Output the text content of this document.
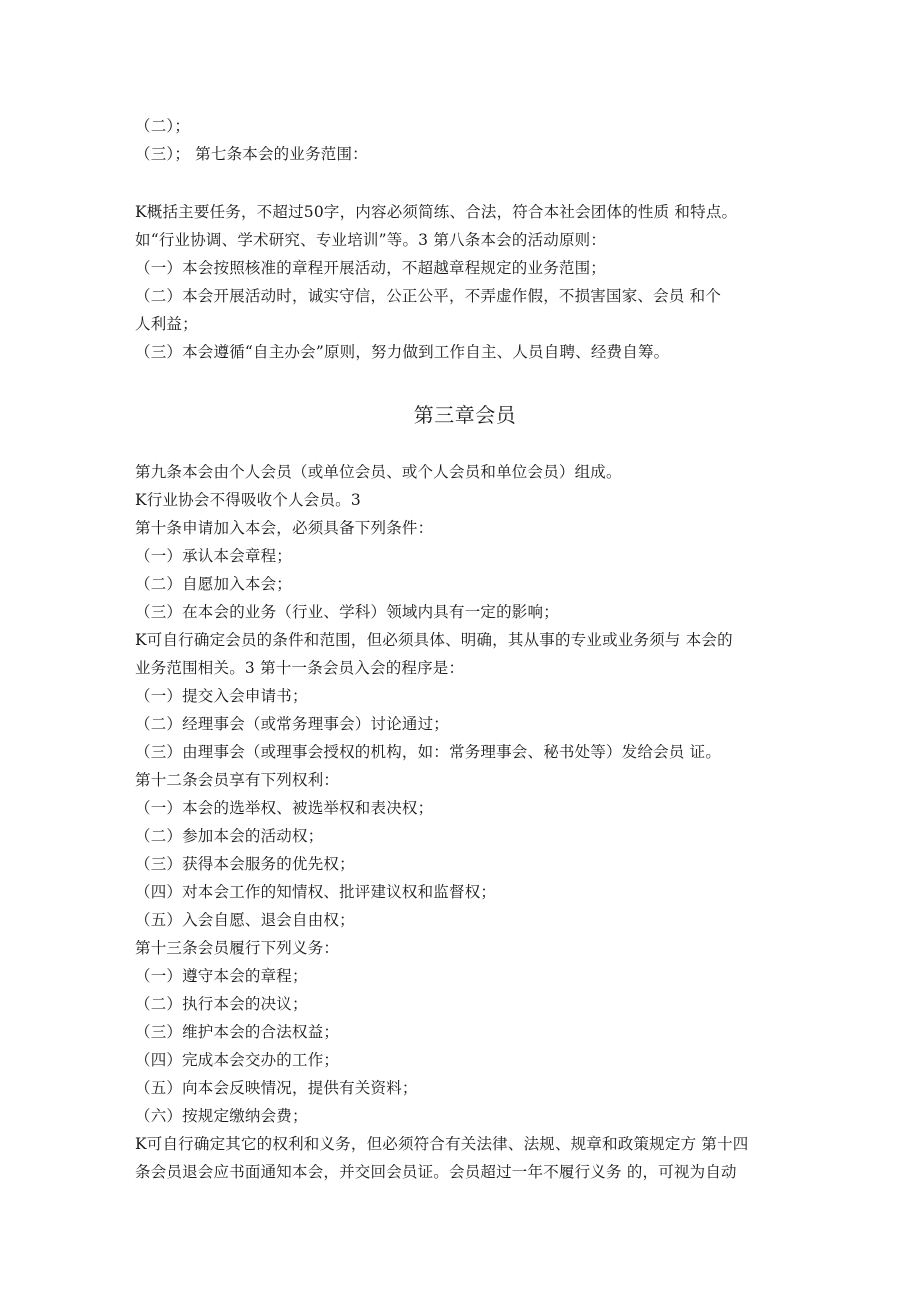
（二）；
（三）； 第七条本会的业务范围：
K概括主要任务，不超过50字，内容必须简练、合法，符合本社会团体的性质 和特点。
如“行业协调、学术研究、专业培训”等。3 第八条本会的活动原则：
（一）本会按照核准的章程开展活动，不超越章程规定的业务范围；
（二）本会开展活动时，诚实守信，公正公平，不弄虚作假，不损害国家、会员 和个
人利益；
（三）本会遵循“自主办会”原则，努力做到工作自主、人员自聘、经费自筹。
第三章会员
第九条本会由个人会员（或单位会员、或个人会员和单位会员）组成。
K行业协会不得吸收个人会员。3
第十条申请加入本会，必须具备下列条件：
（一）承认本会章程；
（二）自愿加入本会；
（三）在本会的业务（行业、学科）领域内具有一定的影响；
K可自行确定会员的条件和范围，但必须具体、明确，其从事的专业或业务须与 本会的
业务范围相关。3 第十一条会员入会的程序是：
（一）提交入会申请书；
（二）经理事会（或常务理事会）讨论通过；
（三）由理事会（或理事会授权的机构，如：常务理事会、秘书处等）发给会员 证。
第十二条会员享有下列权利：
（一）本会的选举权、被选举权和表决权；
（二）参加本会的活动权；
（三）获得本会服务的优先权；
（四）对本会工作的知情权、批评建议权和监督权；
（五）入会自愿、退会自由权；
第十三条会员履行下列义务：
（一）遵守本会的章程；
（二）执行本会的决议；
（三）维护本会的合法权益；
（四）完成本会交办的工作；
（五）向本会反映情况，提供有关资料；
（六）按规定缴纳会费；
K可自行确定其它的权利和义务，但必须符合有关法律、法规、规章和政策规定方 第十四
条会员退会应书面通知本会，并交回会员证。会员超过一年不履行义务 的，可视为自动
